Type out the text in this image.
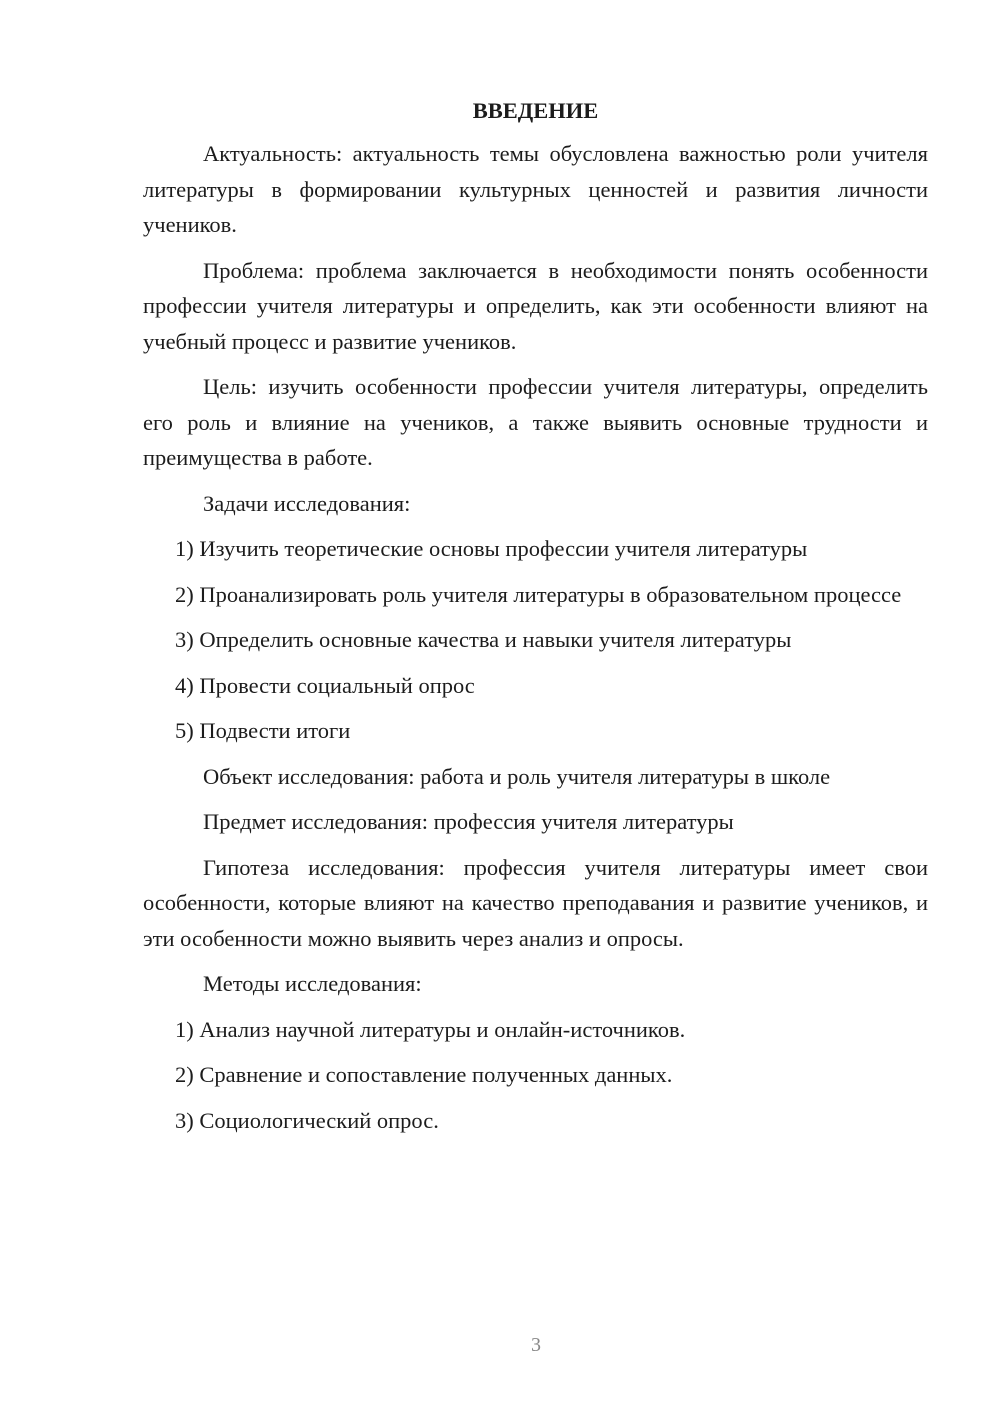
ВВЕДЕНИЕ

Актуальность: актуальность темы обусловлена важностью роли учителя литературы в формировании культурных ценностей и развития личности учеников.

Проблема: проблема заключается в необходимости понять особенности профессии учителя литературы и определить, как эти особенности влияют на учебный процесс и развитие учеников.

Цель: изучить особенности профессии учителя литературы, определить его роль и влияние на учеников, а также выявить основные трудности и преимущества в работе.

Задачи исследования:

1) Изучить теоретические основы профессии учителя литературы

2) Проанализировать роль учителя литературы в образовательном процессе

3) Определить основные качества и навыки учителя литературы

4) Провести социальный опрос

5) Подвести итоги

Объект исследования: работа и роль учителя литературы в школе

Предмет исследования: профессия учителя литературы

Гипотеза исследования: профессия учителя литературы имеет свои особенности, которые влияют на качество преподавания и развитие учеников, и эти особенности можно выявить через анализ и опросы.

Методы исследования:

1) Анализ научной литературы и онлайн-источников.

2) Сравнение и сопоставление полученных данных.

3) Социологический опрос.

3
